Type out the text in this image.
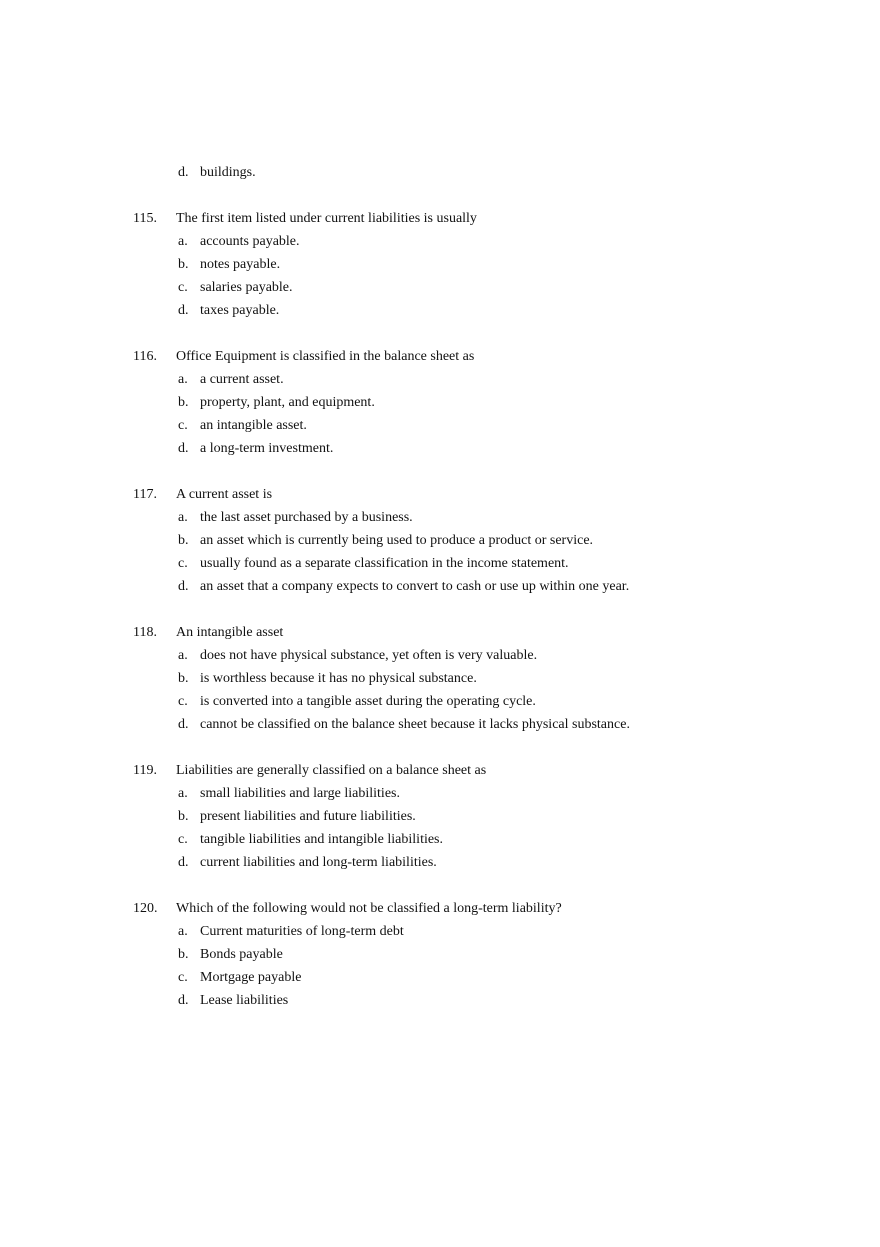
d. buildings.
115. The first item listed under current liabilities is usually
a. accounts payable.
b. notes payable.
c. salaries payable.
d. taxes payable.
116. Office Equipment is classified in the balance sheet as
a. a current asset.
b. property, plant, and equipment.
c. an intangible asset.
d. a long-term investment.
117. A current asset is
a. the last asset purchased by a business.
b. an asset which is currently being used to produce a product or service.
c. usually found as a separate classification in the income statement.
d. an asset that a company expects to convert to cash or use up within one year.
118. An intangible asset
a. does not have physical substance, yet often is very valuable.
b. is worthless because it has no physical substance.
c. is converted into a tangible asset during the operating cycle.
d. cannot be classified on the balance sheet because it lacks physical substance.
119. Liabilities are generally classified on a balance sheet as
a. small liabilities and large liabilities.
b. present liabilities and future liabilities.
c. tangible liabilities and intangible liabilities.
d. current liabilities and long-term liabilities.
120. Which of the following would not be classified a long-term liability?
a. Current maturities of long-term debt
b. Bonds payable
c. Mortgage payable
d. Lease liabilities
